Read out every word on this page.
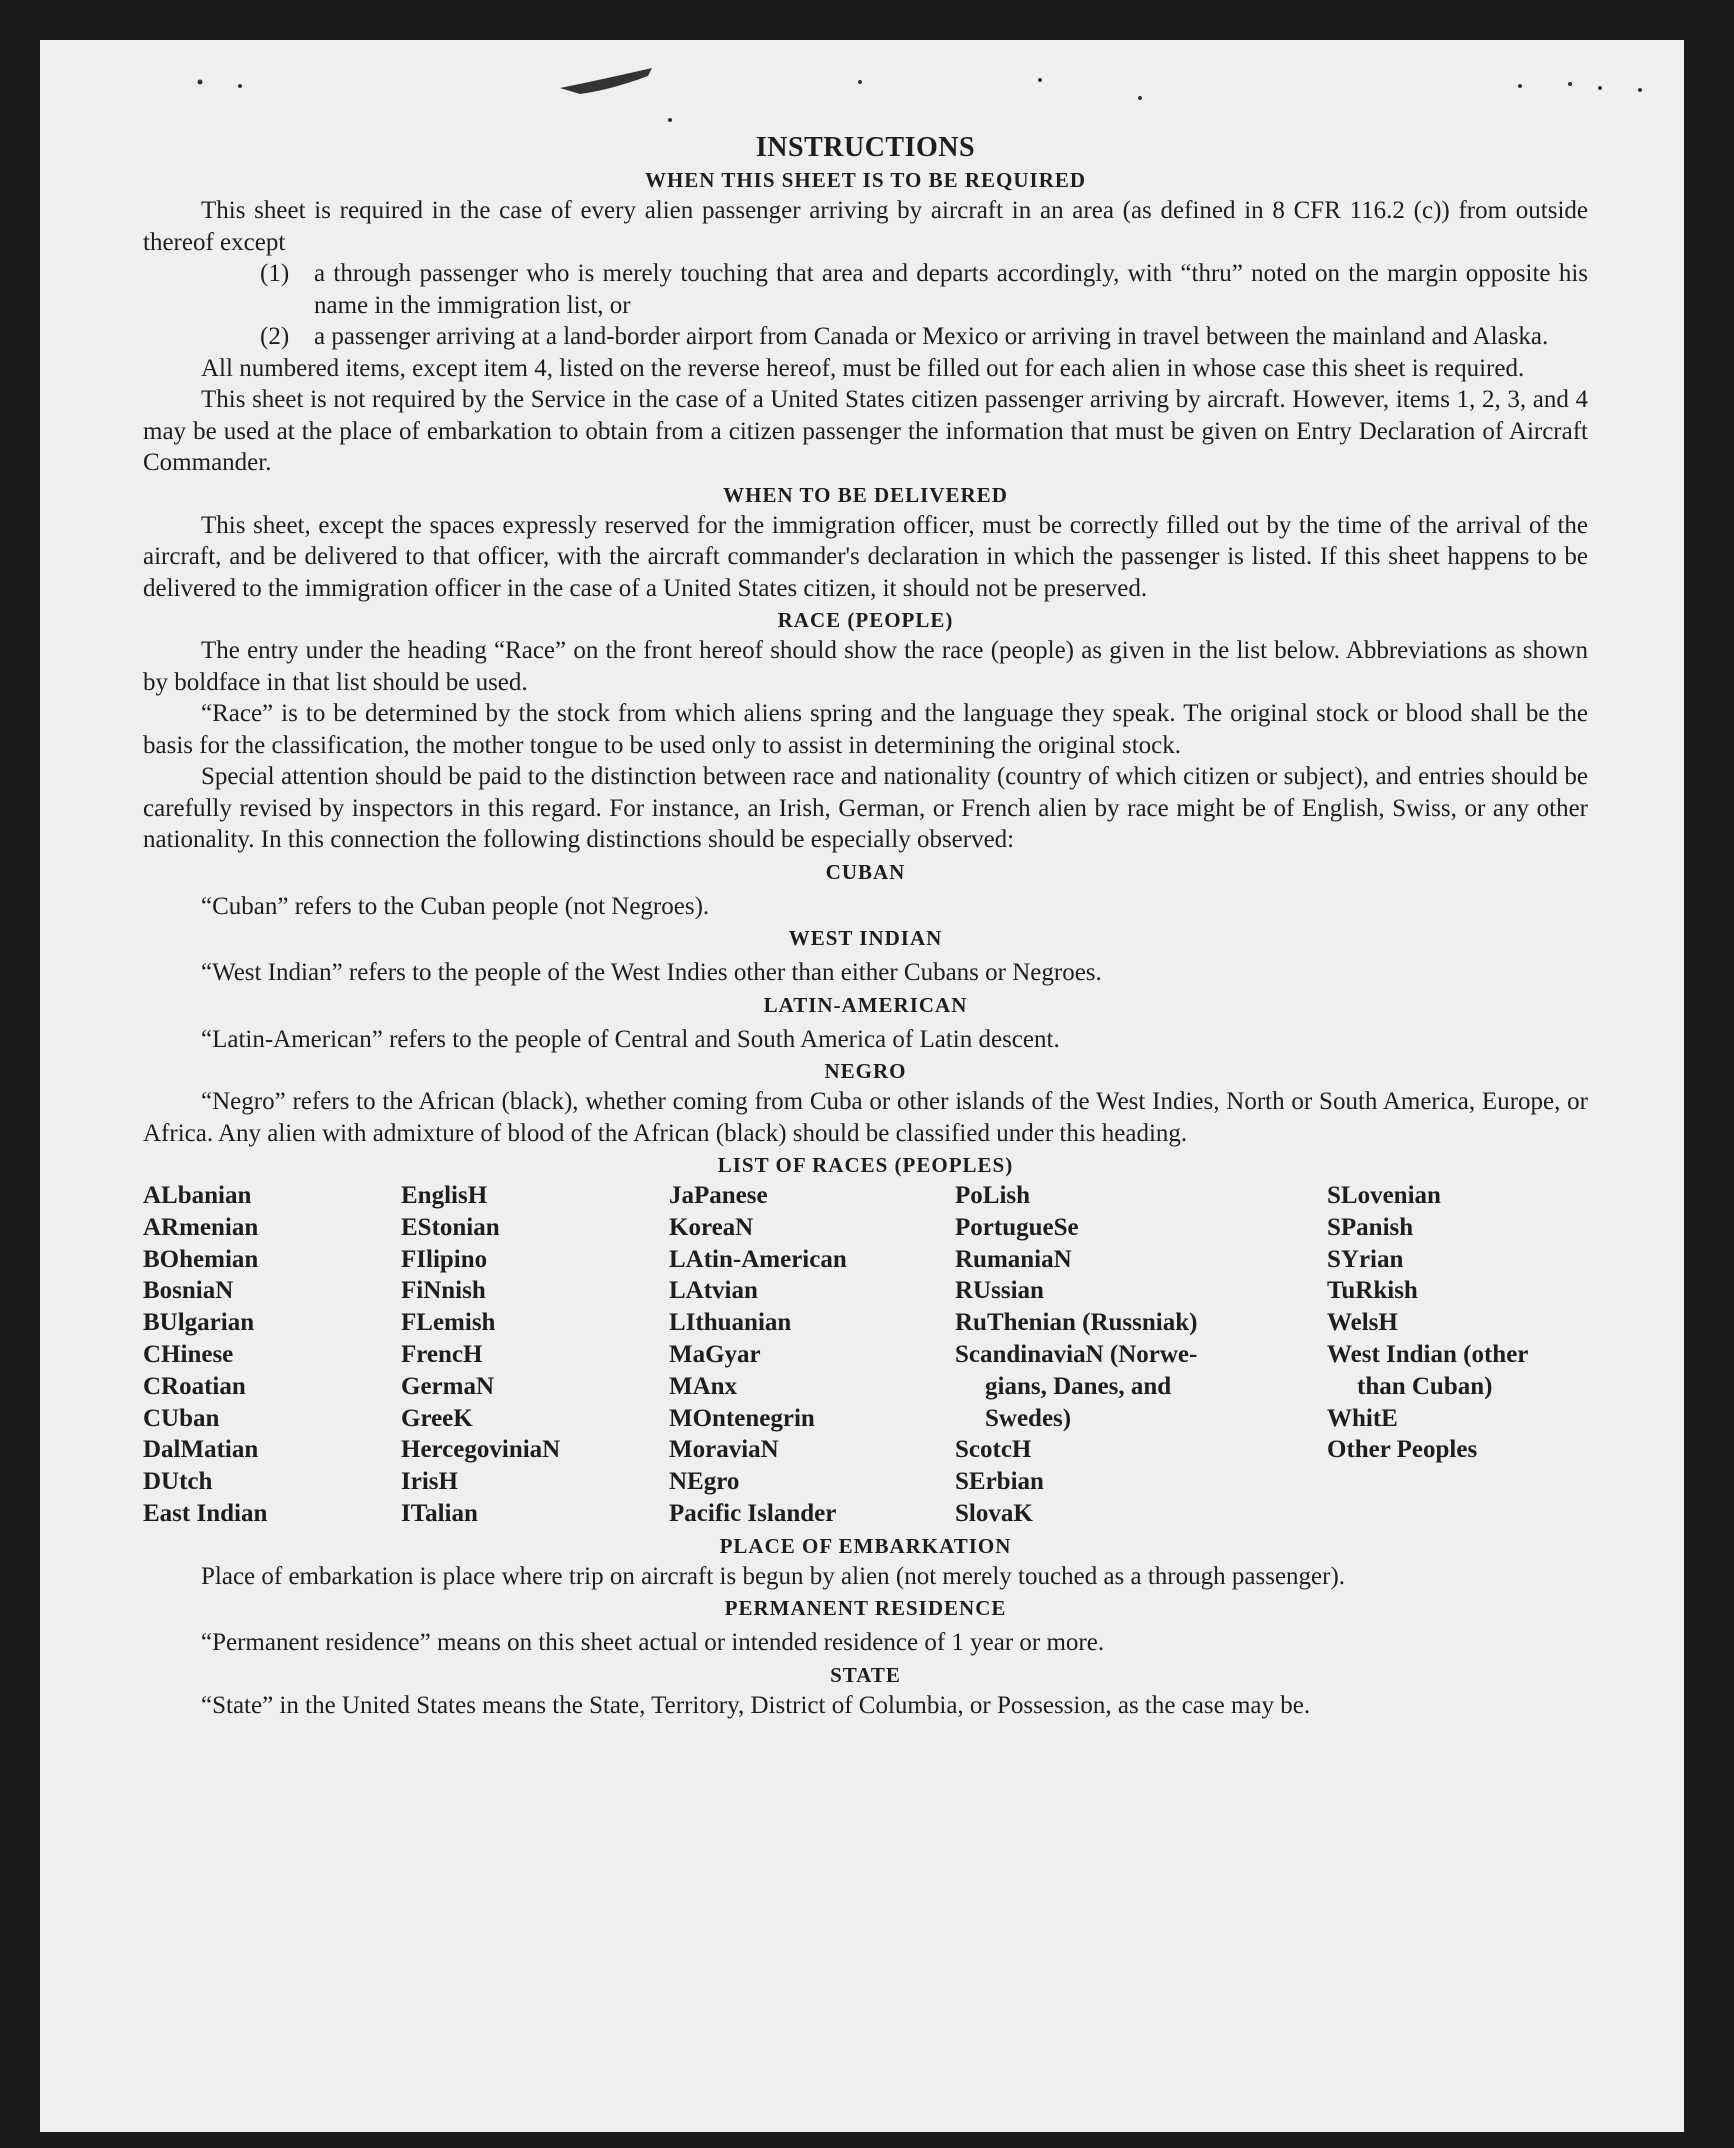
INSTRUCTIONS
WHEN THIS SHEET IS TO BE REQUIRED

This sheet is required in the case of every alien passenger arriving by aircraft in an area (as defined in 8 CFR 116.2 (c)) from outside thereof except

(1) a through passenger who is merely touching that area and departs accordingly, with “thru” noted on the margin opposite his name in the immigration list, or
(2) a passenger arriving at a land-border airport from Canada or Mexico or arriving in travel between the mainland and Alaska.

All numbered items, except item 4, listed on the reverse hereof, must be filled out for each alien in whose case this sheet is required.

This sheet is not required by the Service in the case of a United States citizen passenger arriving by aircraft. However, items 1, 2, 3, and 4 may be used at the place of embarkation to obtain from a citizen passenger the information that must be given on Entry Declaration of Aircraft Commander.

WHEN TO BE DELIVERED

This sheet, except the spaces expressly reserved for the immigration officer, must be correctly filled out by the time of the arrival of the aircraft, and be delivered to that officer, with the aircraft commander's declaration in which the passenger is listed. If this sheet happens to be delivered to the immigration officer in the case of a United States citizen, it should not be preserved.

RACE (PEOPLE)

The entry under the heading “Race” on the front hereof should show the race (people) as given in the list below. Abbreviations as shown by boldface in that list should be used.

“Race” is to be determined by the stock from which aliens spring and the language they speak. The original stock or blood shall be the basis for the classification, the mother tongue to be used only to assist in determining the original stock.

Special attention should be paid to the distinction between race and nationality (country of which citizen or subject), and entries should be carefully revised by inspectors in this regard. For instance, an Irish, German, or French alien by race might be of English, Swiss, or any other nationality. In this connection the following distinctions should be especially observed:

CUBAN
“Cuban” refers to the Cuban people (not Negroes).
WEST INDIAN
“West Indian” refers to the people of the West Indies other than either Cubans or Negroes.
LATIN-AMERICAN
“Latin-American” refers to the people of Central and South America of Latin descent.
NEGRO

“Negro” refers to the African (black), whether coming from Cuba or other islands of the West Indies, North or South America, Europe, or Africa. Any alien with admixture of blood of the African (black) should be classified under this heading.

LIST OF RACES (PEOPLES)
ALbanian
ARmenian
BOhemian
BosniaN
BUlgarian
CHinese
CRoatian
CUban
DalMatian
DUtch
East Indian
EnglisH
EStonian
FIlipino
FiNnish
FLemish
FrencH
GermaN
GreeK
HercegoviniaN
IrisH
ITalian
JaPanese
KoreaN
LAtin-American
LAtvian
LIthuanian
MaGyar
MAnx
MOntenegrin
MoraviaN
NEgro
Pacific Islander
PoLish
PortugueSe
RumaniaN
RUssian
RuThenian (Russniak)
ScandinaviaN (Norwe-
gians, Danes, and
Swedes)
ScotcH
SErbian
SlovaK
SLovenian
SPanish
SYrian
TuRkish
WelsH
West Indian (other
than Cuban)
WhitE
Other Peoples
PLACE OF EMBARKATION

Place of embarkation is place where trip on aircraft is begun by alien (not merely touched as a through passenger).

PERMANENT RESIDENCE
“Permanent residence” means on this sheet actual or intended residence of 1 year or more.
STATE

“State” in the United States means the State, Territory, District of Columbia, or Possession, as the case may be.
